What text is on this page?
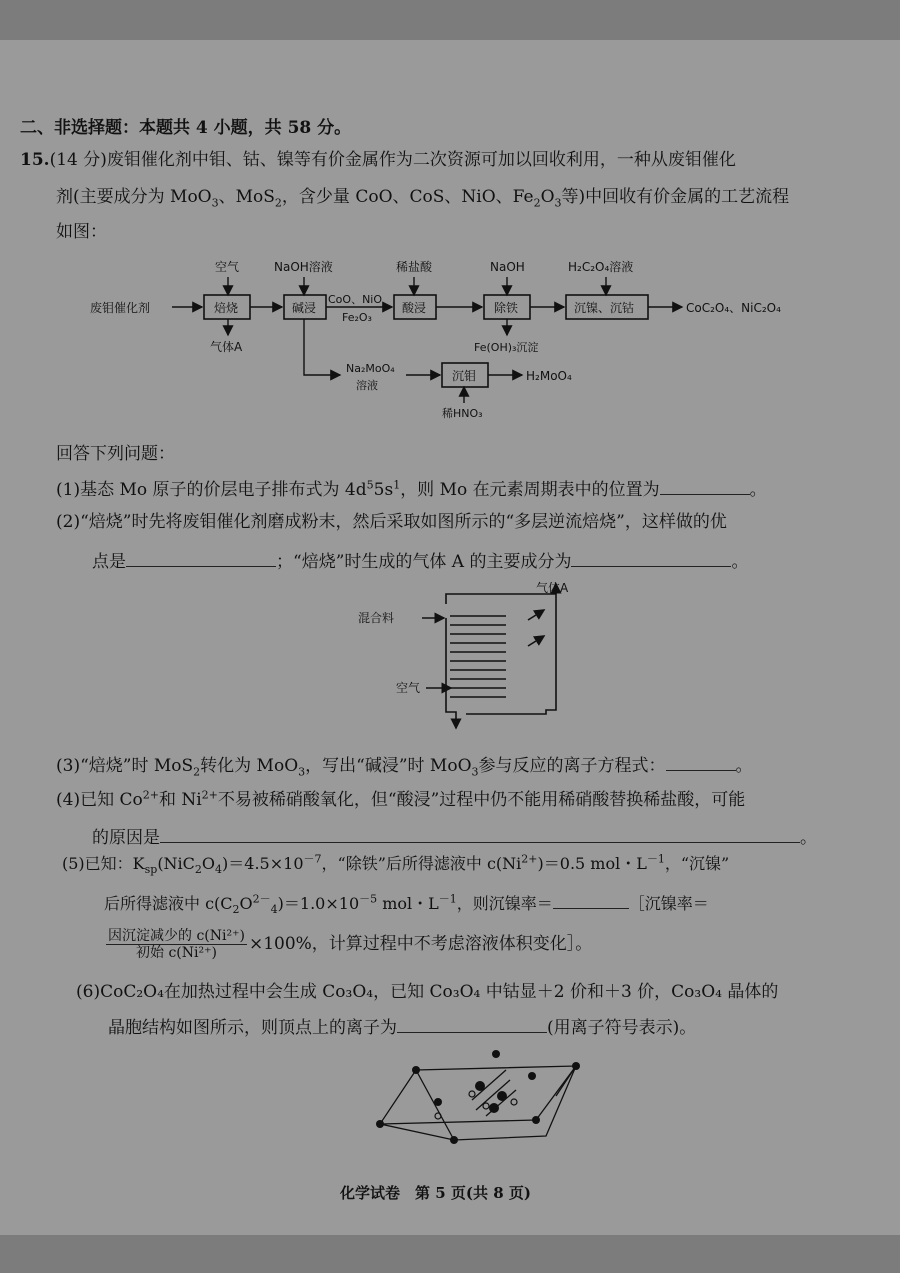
二、非选择题：本题共 4 小题，共 58 分。
15.(14 分)废钼催化剂中钼、钴、镍等有价金属作为二次资源可加以回收利用，一种从废钼催化
剂(主要成分为 MoO$_3$、MoS$_2$，含少量 CoO、CoS、NiO、$Fe_2O_3$等)中回收有价金属的工艺流程
如图：
废钼催化剂
空气
焙烧
气体A
NaOH溶液
碱浸
CoO、NiO
Fe₂O₃
稀盐酸
酸浸
NaOH
除铁
Fe(OH)₃沉淀
H₂C₂O₄溶液
沉镍、沉钴	CoC₂O₄、NiC₂O₄
Na₂MoO₄
溶液
沉钼	H₂MoO₄
稀HNO₃
回答下列问题：
(1)基态 Mo 原子的价层电子排布式为 $4d^55s^1$，则 Mo 在元素周期表中的位置为	。
(2)“焙烧”时先将废钼催化剂磨成粉末，然后采取如图所示的“多层逆流焙烧”，这样做的优
点是	；“焙烧”时生成的气体 A 的主要成分为	。
混合料
空气
气体A
(3)“焙烧”时 MoS$_2$转化为 MoO$_3$，写出“碱浸”时 MoO$_3$参与反应的离子方程式：	。
(4)已知 $Co^{2+}$和 $Ni^{2+}$不易被稀硝酸氧化，但“酸浸”过程中仍不能用稀硝酸替换稀盐酸，可能
的原因是	。
(5)已知：$K_{sp}(NiC_2O_4)=4.5\times 10^{-7}$，“除铁”后所得滤液中 $c(Ni^{2+})=0.5$ mol・$L^{-1}$，“沉镍”
后所得滤液中 $c(C_2O^{2-}_4)=1.0\times 10^{-5}$ mol・$L^{-1}$，则沉镍率＝	［沉镍率＝
$\frac{\text{因沉淀减少的 c(Ni²⁺)}}{\text{初始 c(Ni²⁺)}} \times 100\%$，计算过程中不考虑溶液体积变化］。
(6)CoC₂O₄在加热过程中会生成 Co₃O₄，已知 Co₃O₄ 中钴显＋2 价和＋3 价，Co₃O₄ 晶体的
晶胞结构如图所示，则顶点上的离子为	(用离子符号表示)。
化学试卷　第 5 页(共 8 页)
